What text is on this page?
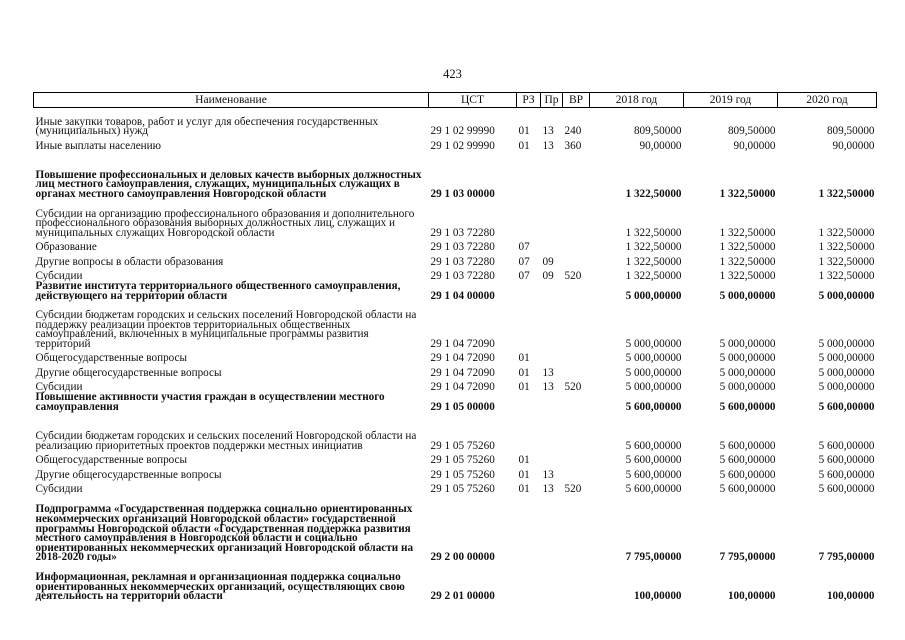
423
Наименование	ЦСТ	РЗ	Пр	ВР	2018 год	2019 год	2020 год
Иные закупки товаров, работ и услуг для обеспечения государственных (муниципальных) нужд	29 1 02 99990	01	13	240	809,50000	809,50000	809,50000
Иные выплаты населению	29 1 02 99990	01	13	360	90,00000	90,00000	90,00000
Повышение профессиональных и деловых качеств выборных должностных лиц местного самоуправления, служащих, муниципальных служащих в органах местного самоуправления Новгородской области	29 1 03 00000				1 322,50000	1 322,50000	1 322,50000
Субсидии на организацию профессионального образования и дополнительного профессионального образования выборных должностных лиц, служащих и муниципальных служащих Новгородской области	29 1 03 72280				1 322,50000	1 322,50000	1 322,50000
Образование	29 1 03 72280	07			1 322,50000	1 322,50000	1 322,50000
Другие вопросы в области образования	29 1 03 72280	07	09		1 322,50000	1 322,50000	1 322,50000
Субсидии	29 1 03 72280	07	09	520	1 322,50000	1 322,50000	1 322,50000
Развитие института территориального общественного самоуправления, действующего на территории области	29 1 04 00000				5 000,00000	5 000,00000	5 000,00000
Субсидии бюджетам городских и сельских поселений Новгородской области на поддержку реализации проектов территориальных общественных самоуправлений, включенных в муниципальные программы развития территорий	29 1 04 72090				5 000,00000	5 000,00000	5 000,00000
Общегосударственные вопросы	29 1 04 72090	01			5 000,00000	5 000,00000	5 000,00000
Другие общегосударственные вопросы	29 1 04 72090	01	13		5 000,00000	5 000,00000	5 000,00000
Субсидии	29 1 04 72090	01	13	520	5 000,00000	5 000,00000	5 000,00000
Повышение активности участия граждан в осуществлении местного самоуправления	29 1 05 00000				5 600,00000	5 600,00000	5 600,00000
Субсидии бюджетам городских и сельских поселений Новгородской области на реализацию приоритетных проектов поддержки местных инициатив	29 1 05 75260				5 600,00000	5 600,00000	5 600,00000
Общегосударственные вопросы	29 1 05 75260	01			5 600,00000	5 600,00000	5 600,00000
Другие общегосударственные вопросы	29 1 05 75260	01	13		5 600,00000	5 600,00000	5 600,00000
Субсидии	29 1 05 75260	01	13	520	5 600,00000	5 600,00000	5 600,00000
Подпрограмма «Государственная поддержка социально ориентированных некоммерческих организаций Новгородской области» государственной программы Новгородской области «Государственная поддержка развития местного самоуправления в Новгородской области и социально ориентированных некоммерческих организаций Новгородской области на 2018-2020 годы»	29 2 00 00000				7 795,00000	7 795,00000	7 795,00000
Информационная, рекламная и организационная поддержка социально ориентированных некоммерческих организаций, осуществляющих свою деятельность на территории области	29 2 01 00000				100,00000	100,00000	100,00000
